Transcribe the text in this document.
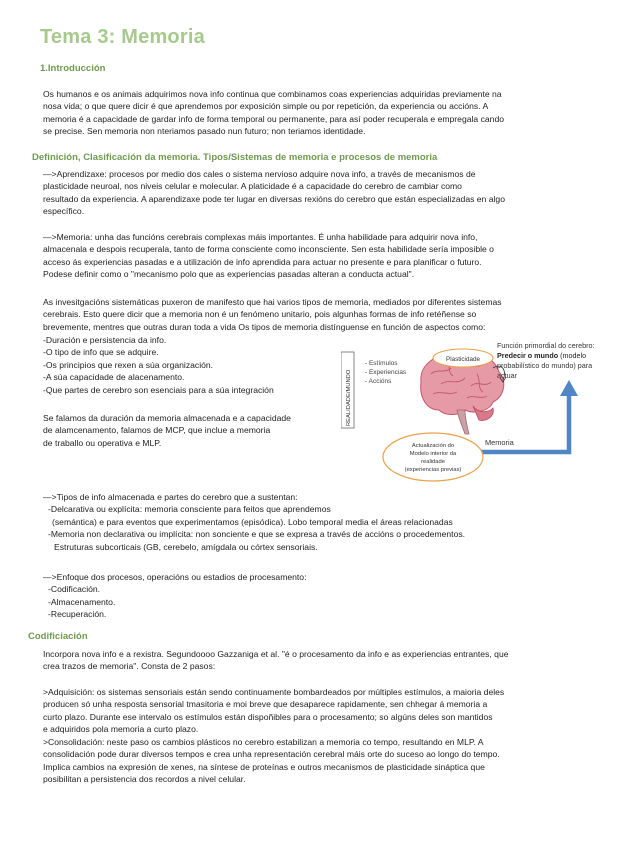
Tema 3: Memoria
1.Introducción
Os humanos e os animais adquirimos nova info continua que combinamos coas experiencias adquiridas previamente na
nosa vida; o que quere dicir é que aprendemos por exposición simple ou por repetición, da experiencia ou accións. A
memoria é a capacidade de gardar info de forma temporal ou permanente, para así poder recuperala e empregala cando
se precise. Sen memoria non nteriamos pasado nun futuro; non teriamos identidade.
Definición, Clasificación da memoria. Tipos/Sistemas de memoria e procesos de memoria
—>Aprendizaxe: procesos por medio dos cales o sistema nervioso adquire nova info, a través de mecanismos de
plasticidade neuroal, nos niveis celular e molecular. A platicidade é a capacidade do cerebro de cambiar como
resultado da experiencia. A aparendizaxe pode ter lugar en diversas rexións do cerebro que están especializadas en algo
específico.
—>Memoria: unha das funcións cerebrais complexas máis importantes. É unha habilidade para adquirir nova info,
almacenala e despois recuperala, tanto de forma consciente como inconsciente. Sen esta habilidade sería imposible o
acceso ás experiencias pasadas e a utilización de info aprendida para actuar no presente e para planificar o futuro.
Podese definir como o "mecanismo polo que as experiencias pasadas alteran a conducta actual".
As invesitgacións sistemáticas puxeron de manifesto que hai varios tipos de memoria, mediados por diferentes sistemas
cerebrais. Esto quere dicir que a memoria non é un fenómeno unitario, pois algunhas formas de info retéñense so
brevemente, mentres que outras duran toda a vida Os tipos de memoria distínguense en función de aspectos como:
-Duración e persistencia da info.
-O tipo de info que se adquire.
-Os principios que rexen a súa organización.
-A súa capacidade de alacenamento.
-Que partes de cerebro son esenciais para a súa integración
Se falamos da duración da memoria almacenada e a capacidade
de alamcenamento, falamos de MCP, que inclue a memoria
de traballo ou operativa e MLP.
REALIDADE/MUNDO
- Estímulos
- Experiencias
- Accións
Plasticidade
Función primordial do cerebro:
Predecir o mundo (modelo
probabilístico do mundo) para
actuar
Actualización do
Modelo interior da
realidade
(experiencias previas)
Memoria
—>Tipos de info almacenada e partes do cerebro que a sustentan:
-Delcarativa ou explícita: memoria consciente para feitos que aprendemos
(semántica) e para eventos que experimentamos (episódica). Lobo temporal media el áreas relacionadas
-Memoria non declarativa ou implícita: non sonciente e que se expresa a través de accións o procedementos.
Estruturas subcorticais (GB, cerebelo, amígdala ou córtex sensoriais.
—>Enfoque dos procesos, operacións ou estadios de procesamento:
-Codificación.
-Almacenamento.
-Recuperación.
Codificiación
Incorpora nova info e a rexistra. Segundoooo Gazzaniga et al. "é o procesamento da info e as experiencias entrantes, que
crea trazos de memoria". Consta de 2 pasos:
>Adquisición: os sistemas sensoriais están sendo continuamente bombardeados por múltiples estímulos, a maioria deles
producen só unha resposta sensorial tmasitoria e moi breve que desaparece rapidamente, sen chhegar á memoria a
curto plazo. Durante ese intervalo os estímulos están dispoñibles para o procesamento; so algúns deles son mantidos
e adquiridos pola memoria a curto plazo.
>Consolidación: neste paso os cambios plásticos no cerebro estabilizan a memoria co tempo, resultando en MLP. A
consolidación pode durar diversos tempos e crea unha representación cerebral máis orte do suceso ao longo do tempo.
Implica cambios na expresión de xenes, na síntese de proteínas e outros mecanismos de plasticidade sináptica que
posibilitan a persistencia dos recordos a nivel celular.
